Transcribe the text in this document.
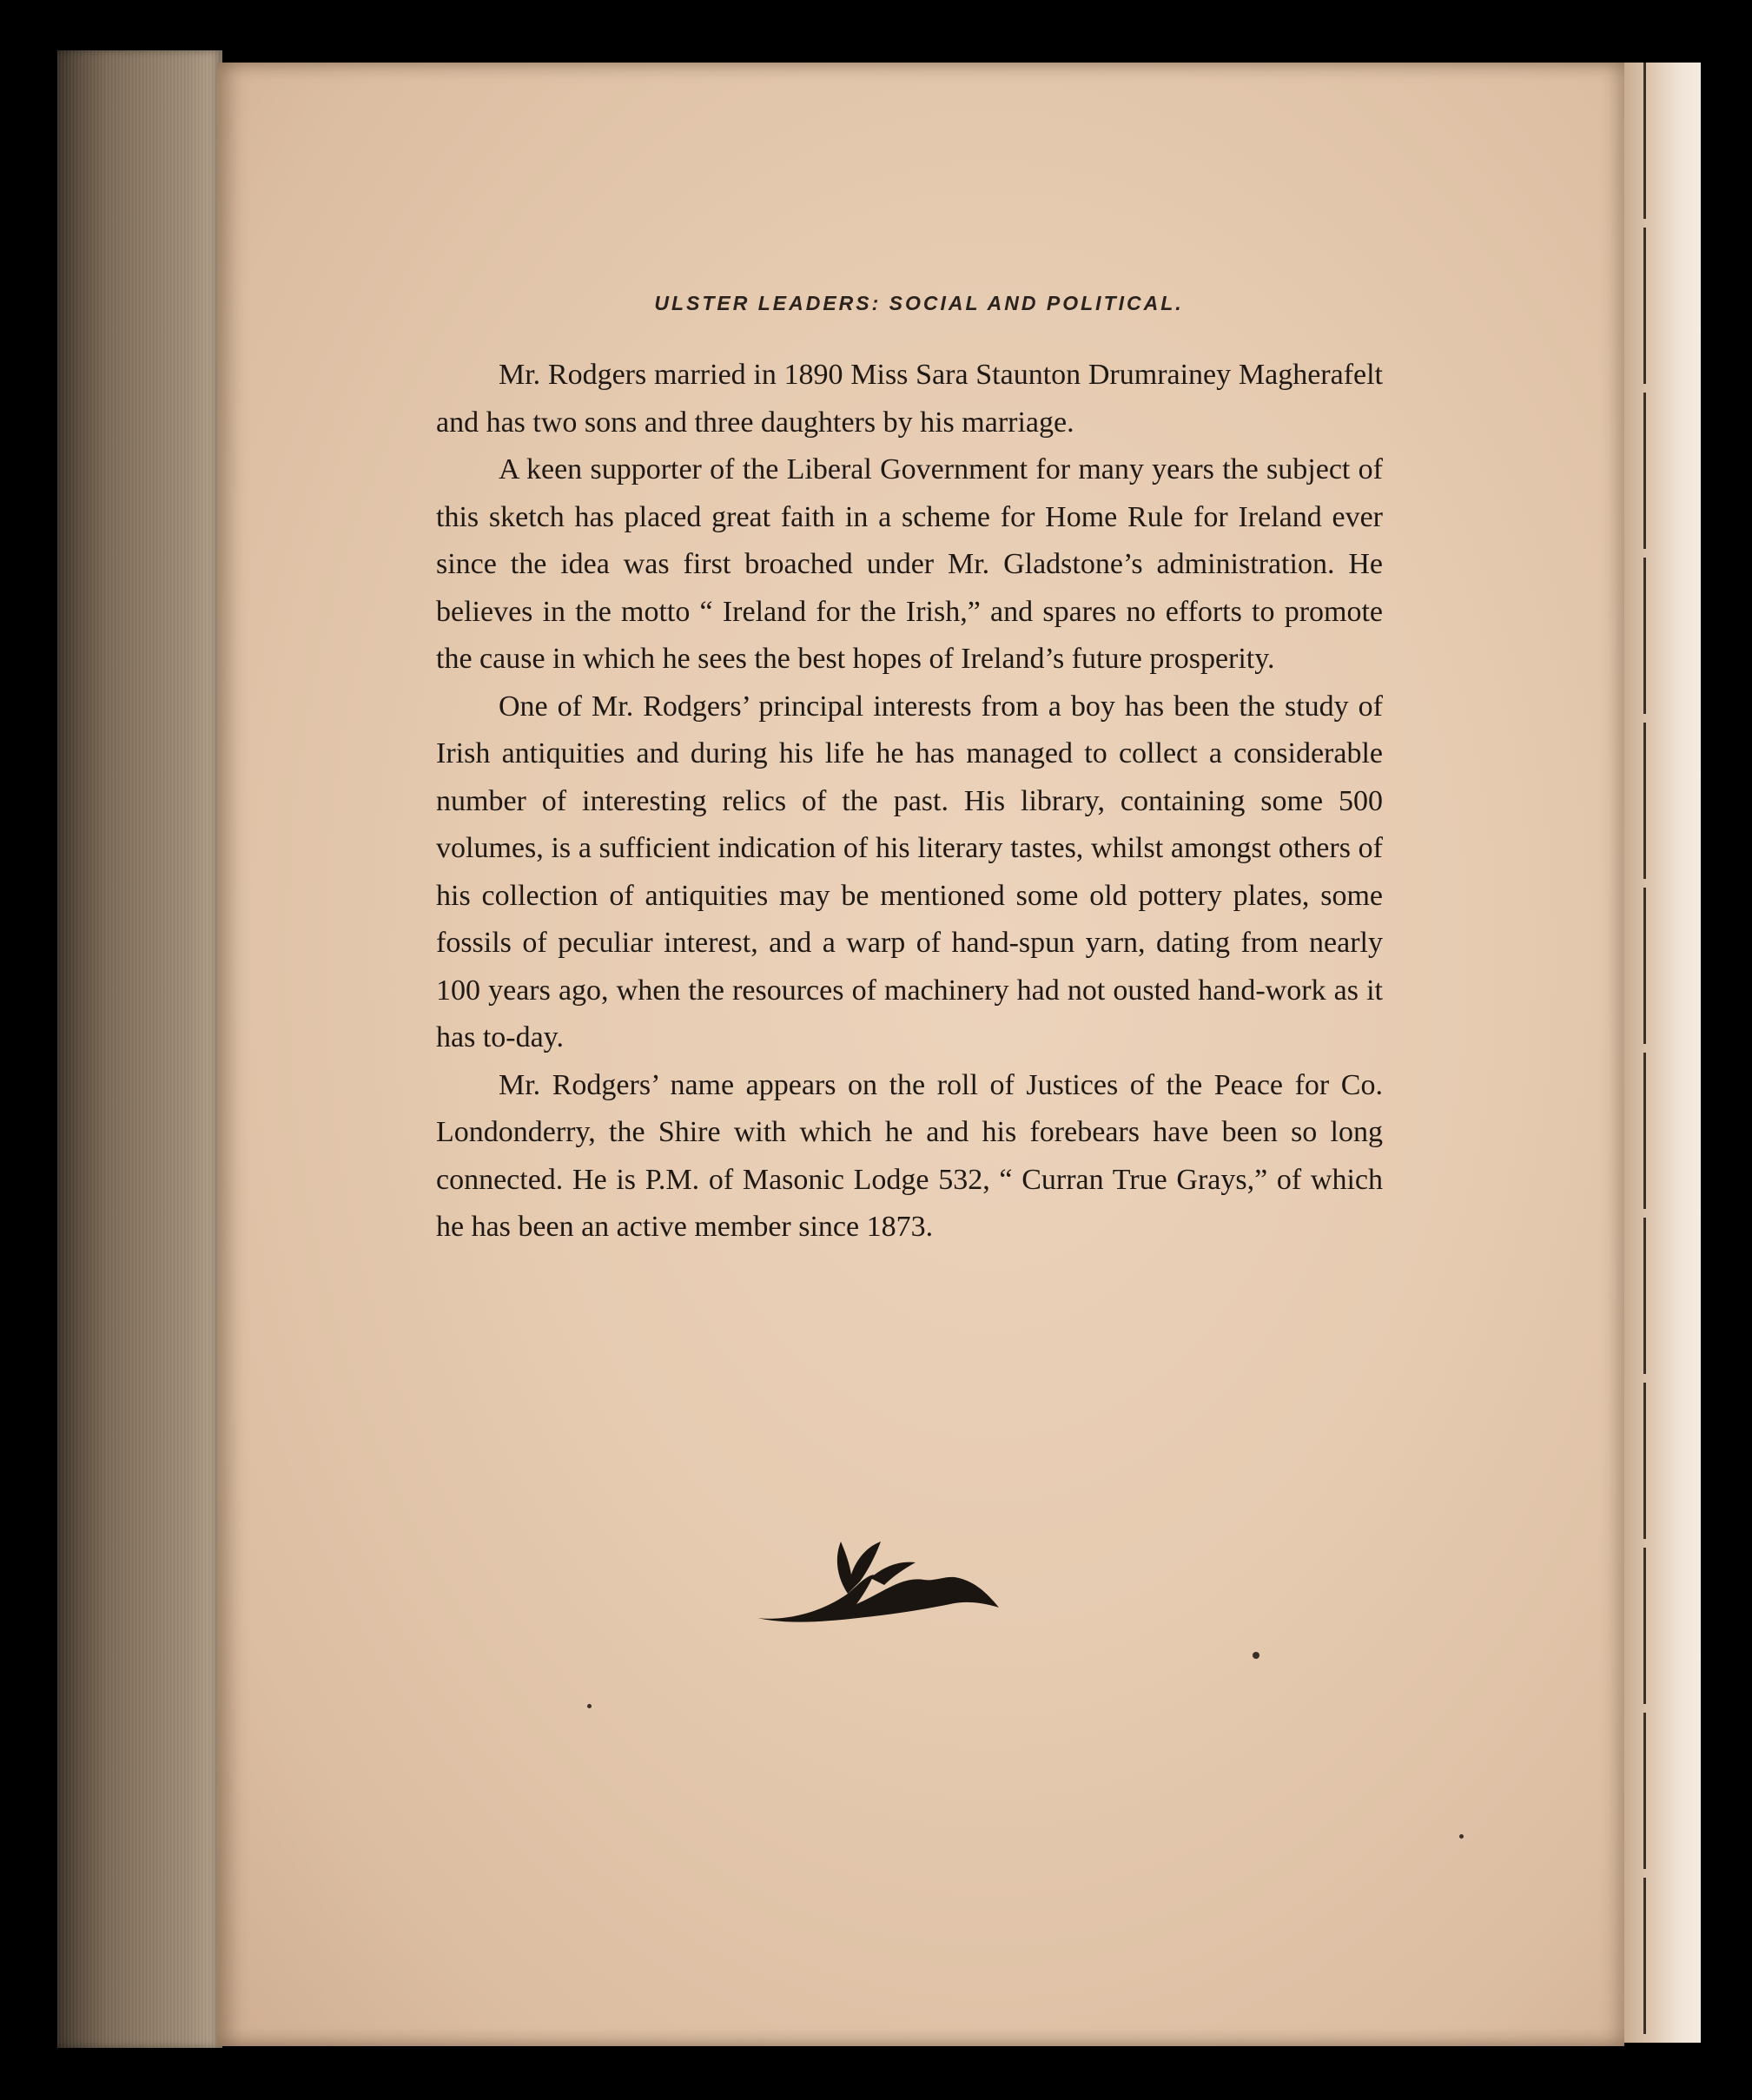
ULSTER LEADERS: SOCIAL AND POLITICAL.

Mr. Rodgers married in 1890 Miss Sara Staunton Drumrainey Magherafelt and has two sons and three daughters by his marriage.

A keen supporter of the Liberal Government for many years the subject of this sketch has placed great faith in a scheme for Home Rule for Ireland ever since the idea was first broached under Mr. Gladstone’s administration. He believes in the motto “ Ireland for the Irish,” and spares no efforts to promote the cause in which he sees the best hopes of Ireland’s future prosperity.

One of Mr. Rodgers’ principal interests from a boy has been the study of Irish antiquities and during his life he has managed to collect a considerable number of interesting relics of the past. His library, containing some 500 volumes, is a sufficient indication of his literary tastes, whilst amongst others of his collection of antiquities may be mentioned some old pottery plates, some fossils of peculiar interest, and a warp of hand-spun yarn, dating from nearly 100 years ago, when the resources of machinery had not ousted hand-work as it has to-day.

Mr. Rodgers’ name appears on the roll of Justices of the Peace for Co. Londonderry, the Shire with which he and his forebears have been so long connected. He is P.M. of Masonic Lodge 532, “ Curran True Grays,” of which he has been an active member since 1873.
